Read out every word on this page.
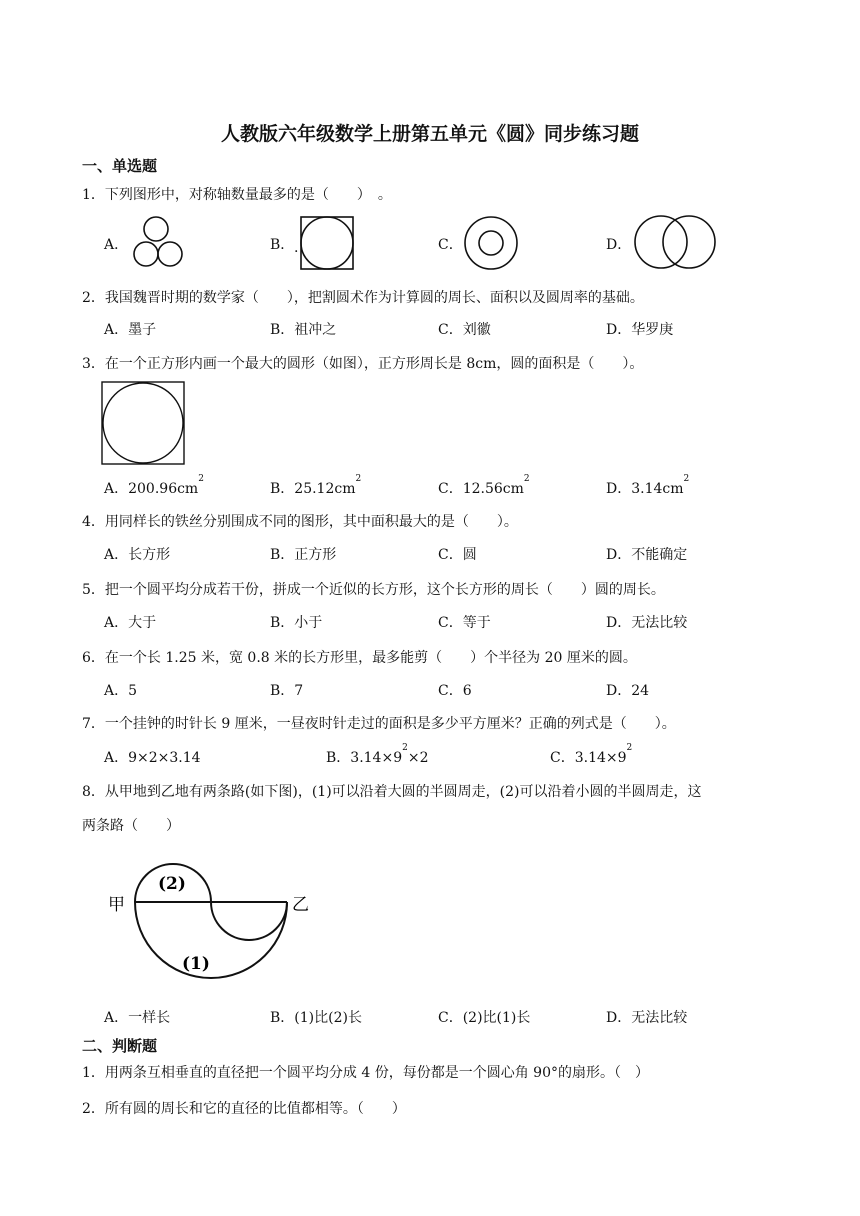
人教版六年级数学上册第五单元《圆》同步练习题
一、单选题
1．下列图形中，对称轴数量最多的是（　　）　。
A．	B． .	C．	D．
2．我国魏晋时期的数学家（　　），把割圆术作为计算圆的周长、面积以及圆周率的基础。
A．墨子	B．祖冲之	C．刘徽	D．华罗庚
3．在一个正方形内画一个最大的圆形（如图），正方形周长是 8cm，圆的面积是（　　）。
A．$200.96cm^2$
B．$25.12cm^2$
C．$12.56cm^2$
D．$3.14cm^2$
4．用同样长的铁丝分别围成不同的图形，其中面积最大的是（　　）。
A．长方形	B．正方形	C．圆	D．不能确定
5．把一个圆平均分成若干份，拼成一个近似的长方形，这个长方形的周长（　　）圆的周长。
A．大于	B．小于	C．等于	D．无法比较
6．在一个长 1.25 米，宽 0.8 米的长方形里，最多能剪（　　）个半径为 20 厘米的圆。
A．5	B．7	C．6	D．24
7．一个挂钟的时针长 9 厘米，一昼夜时针走过的面积是多少平方厘米？正确的列式是（　　）。
A．9×2×3.14	B．$3.14\times 9^2\times 2$	C．$3.14\times 9^2$
8．从甲地到乙地有两条路(如下图)，(1)可以沿着大圆的半圆周走，(2)可以沿着小圆的半圆周走，这
两条路（　　）
甲	乙
(2)
(1)
A．一样长	B．(1)比(2)长	C．(2)比(1)长	D．无法比较
二、判断题
1．用两条互相垂直的直径把一个圆平均分成 4 份，每份都是一个圆心角 90°的扇形。（　）
2．所有圆的周长和它的直径的比值都相等。（　　）
